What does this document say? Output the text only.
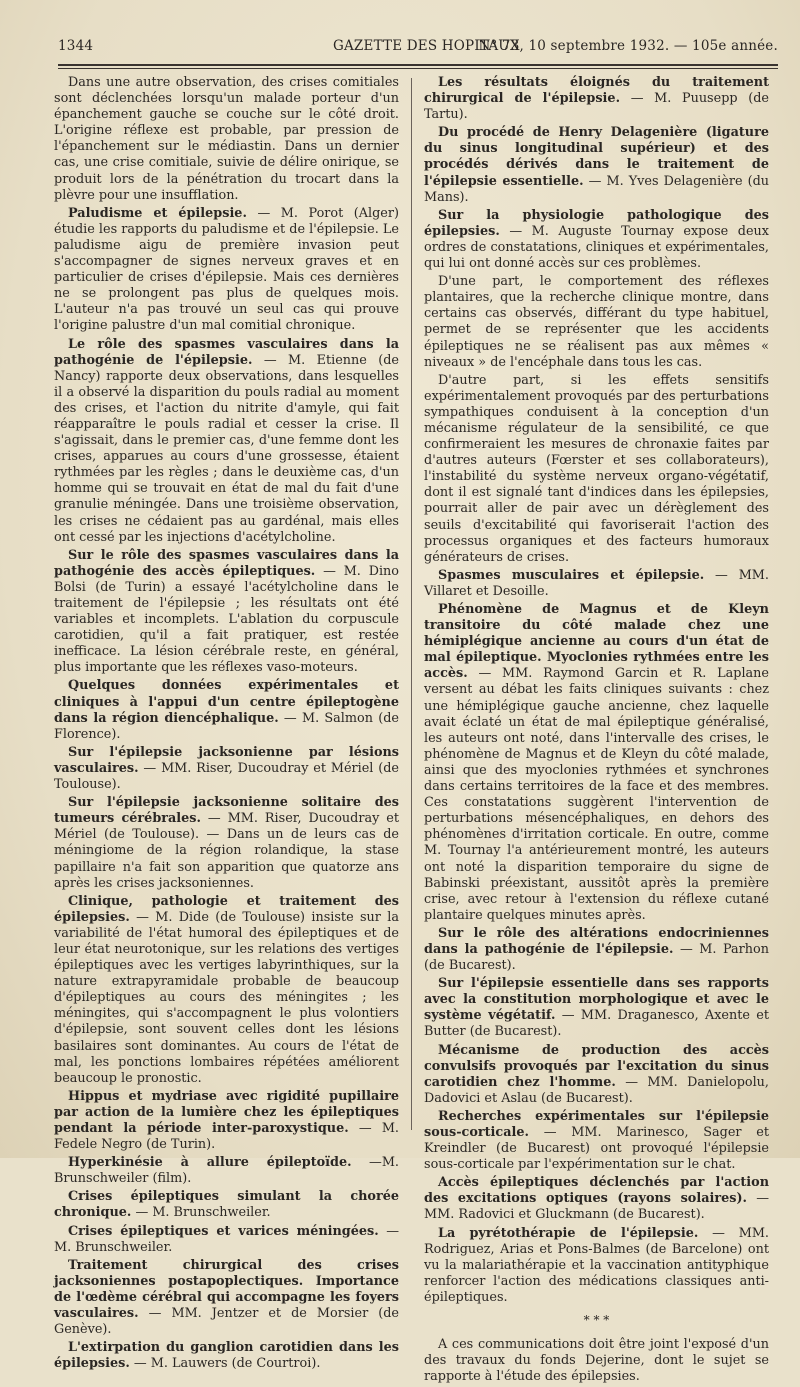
1344	GAZETTE DES HOPITAUX
N° 73, 10 septembre 1932. — 105e année.

Dans une autre observation, des crises comitiales sont déclenchées lorsqu'un malade porteur d'un épanchement gauche se couche sur le côté droit. L'origine réflexe est probable, par pression de l'épanchement sur le médiastin. Dans un dernier cas, une crise comitiale, suivie de délire onirique, se produit lors de la pénétration du trocart dans la plèvre pour une insufflation.

Paludisme et épilepsie. — M. Porot (Alger) étudie les rapports du paludisme et de l'épilepsie. Le paludisme aigu de première invasion peut s'accompagner de signes nerveux graves et en particulier de crises d'épilepsie. Mais ces dernières ne se prolongent pas plus de quelques mois. L'auteur n'a pas trouvé un seul cas qui prouve l'origine palustre d'un mal comitial chronique.

Le rôle des spasmes vasculaires dans la pathogénie de l'épilepsie. — M. Etienne (de Nancy) rapporte deux observations, dans lesquelles il a observé la disparition du pouls radial au moment des crises, et l'action du nitrite d'amyle, qui fait réapparaître le pouls radial et cesser la crise. Il s'agissait, dans le premier cas, d'une femme dont les crises, apparues au cours d'une grossesse, étaient rythmées par les règles ; dans le deuxième cas, d'un homme qui se trouvait en état de mal du fait d'une granulie méningée. Dans une troisième observation, les crises ne cédaient pas au gardénal, mais elles ont cessé par les injections d'acétylcholine.

Sur le rôle des spasmes vasculaires dans la pathogénie des accès épileptiques. — M. Dino Bolsi (de Turin) a essayé l'acétylcholine dans le traitement de l'épilepsie ; les résultats ont été variables et incomplets. L'ablation du corpuscule carotidien, qu'il a fait pratiquer, est restée inefficace. La lésion cérébrale reste, en général, plus importante que les réflexes vaso-moteurs.

Quelques données expérimentales et cliniques à l'appui d'un centre épileptogène dans la région diencéphalique. — M. Salmon (de Florence).

Sur l'épilepsie jacksonienne par lésions vasculaires. — MM. Riser, Ducoudray et Mériel (de Toulouse).

Sur l'épilepsie jacksonienne solitaire des tumeurs cérébrales. — MM. Riser, Ducoudray et Mériel (de Toulouse). — Dans un de leurs cas de méningiome de la région rolandique, la stase papillaire n'a fait son apparition que quatorze ans après les crises jacksoniennes.

Clinique, pathologie et traitement des épilepsies. — M. Dide (de Toulouse) insiste sur la variabilité de l'état humoral des épileptiques et de leur état neurotonique, sur les relations des vertiges épileptiques avec les vertiges labyrinthiques, sur la nature extrapyramidale probable de beaucoup d'épileptiques au cours des méningites ; les méningites, qui s'accompagnent le plus volontiers d'épilepsie, sont souvent celles dont les lésions basilaires sont dominantes. Au cours de l'état de mal, les ponctions lombaires répétées améliorent beaucoup le pronostic.

Hippus et mydriase avec rigidité pupillaire par action de la lumière chez les épileptiques pendant la période inter-paroxystique. — M. Fedele Negro (de Turin).

Hyperkinésie à allure épileptoïde. —M. Brunschweiler (film).

Crises épileptiques simulant la chorée chronique. — M. Brunschweiler.

Crises épileptiques et varices méningées. — M. Brunschweiler.

Traitement chirurgical des crises jacksoniennes postapoplectiques. Importance de l'œdème cérébral qui accompagne les foyers vasculaires. — MM. Jentzer et de Morsier (de Genève).

L'extirpation du ganglion carotidien dans les épilepsies. — M. Lauwers (de Courtroi).

Les résultats éloignés du traitement chirurgical de l'épilepsie. — M. Puusepp (de Tartu).

Du procédé de Henry Delagenière (ligature du sinus longitudinal supérieur) et des procédés dérivés dans le traitement de l'épilepsie essentielle. — M. Yves Delagenière (du Mans).

Sur la physiologie pathologique des épilepsies. — M. Auguste Tournay expose deux ordres de constatations, cliniques et expérimentales, qui lui ont donné accès sur ces problèmes.

D'une part, le comportement des réflexes plantaires, que la recherche clinique montre, dans certains cas observés, différant du type habituel, permet de se représenter que les accidents épileptiques ne se réalisent pas aux mêmes « niveaux » de l'encéphale dans tous les cas.

D'autre part, si les effets sensitifs expérimentalement provoqués par des perturbations sympathiques conduisent à la conception d'un mécanisme régulateur de la sensibilité, ce que confirmeraient les mesures de chronaxie faites par d'autres auteurs (Fœrster et ses collaborateurs), l'instabilité du système nerveux organo-végétatif, dont il est signalé tant d'indices dans les épilepsies, pourrait aller de pair avec un dérèglement des seuils d'excitabilité qui favoriserait l'action des processus organiques et des facteurs humoraux générateurs de crises.

Spasmes musculaires et épilepsie. — MM. Villaret et Desoille.

Phénomène de Magnus et de Kleyn transitoire du côté malade chez une hémiplégique ancienne au cours d'un état de mal épileptique. Myoclonies rythmées entre les accès. — MM. Raymond Garcin et R. Laplane versent au débat les faits cliniques suivants : chez une hémiplégique gauche ancienne, chez laquelle avait éclaté un état de mal épileptique généralisé, les auteurs ont noté, dans l'intervalle des crises, le phénomène de Magnus et de Kleyn du côté malade, ainsi que des myoclonies rythmées et synchrones dans certains territoires de la face et des membres. Ces constatations suggèrent l'intervention de perturbations mésencéphaliques, en dehors des phénomènes d'irritation corticale. En outre, comme M. Tournay l'a antérieurement montré, les auteurs ont noté la disparition temporaire du signe de Babinski préexistant, aussitôt après la première crise, avec retour à l'extension du réflexe cutané plantaire quelques minutes après.

Sur le rôle des altérations endocriniennes dans la pathogénie de l'épilepsie. — M. Parhon (de Bucarest).

Sur l'épilepsie essentielle dans ses rapports avec la constitution morphologique et avec le système végétatif. — MM. Draganesco, Axente et Butter (de Bucarest).

Mécanisme de production des accès convulsifs provoqués par l'excitation du sinus carotidien chez l'homme. — MM. Danielopolu, Dadovici et Aslau (de Bucarest).

Recherches expérimentales sur l'épilepsie sous-corticale. — MM. Marinesco, Sager et Kreindler (de Bucarest) ont provoqué l'épilepsie sous-corticale par l'expérimentation sur le chat.

Accès épileptiques déclenchés par l'action des excitations optiques (rayons solaires). —MM. Radovici et Gluckmann (de Bucarest).

La pyrétothérapie de l'épilepsie. — MM. Rodriguez, Arias et Pons-Balmes (de Barcelone) ont vu la malariathérapie et la vaccination antityphique renforcer l'action des médications classiques anti-épileptiques.

* * *

A ces communications doit être joint l'exposé d'un des travaux du fonds Dejerine, dont le sujet se rapporte à l'étude des épilepsies.
